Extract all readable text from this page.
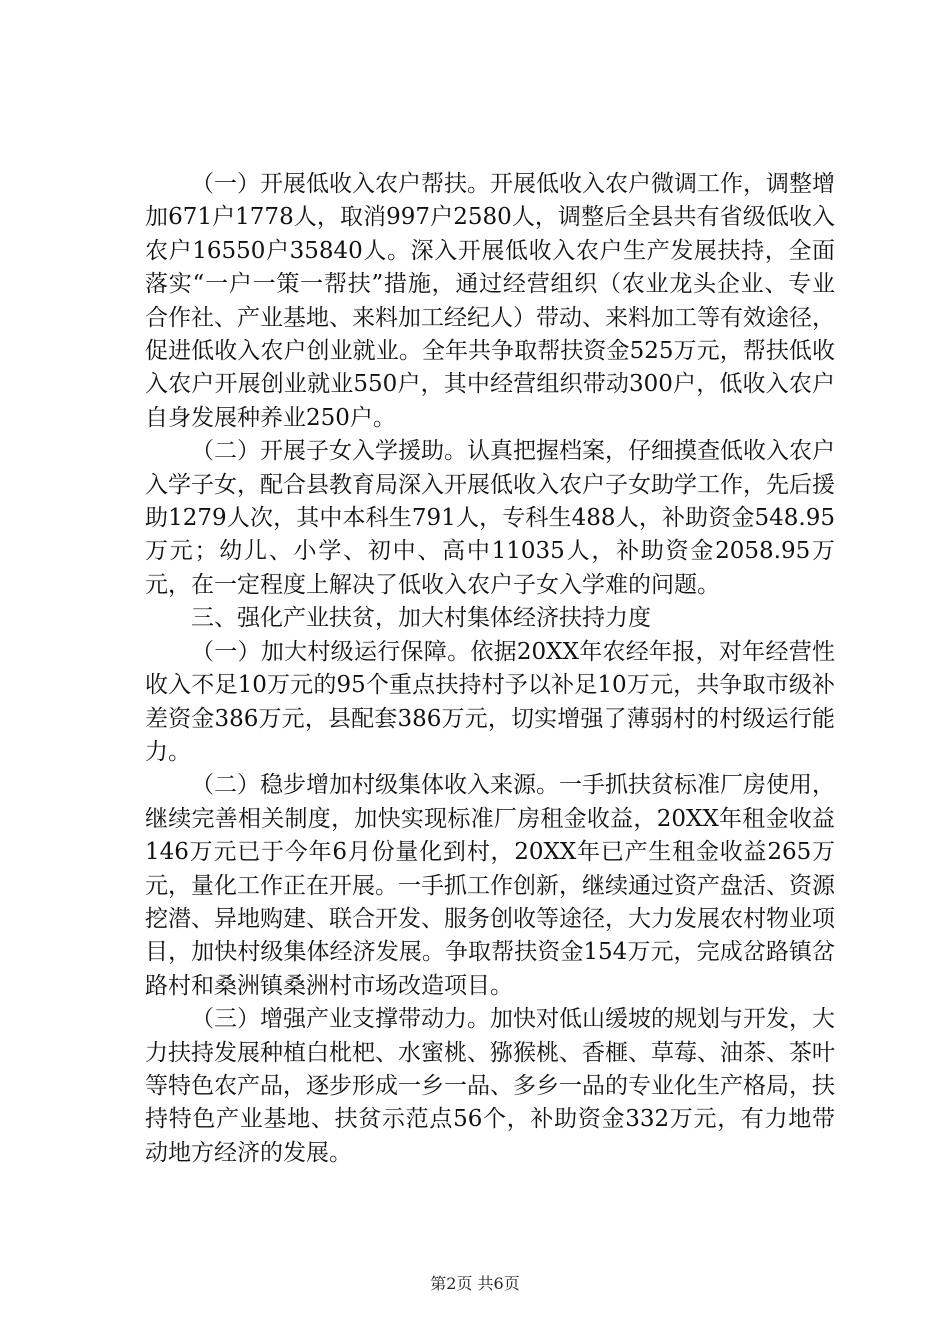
（一）开展低收入农户帮扶。开展低收入农户微调工作，调整增加671户1778人，取消997户2580人，调整后全县共有省级低收入农户16550户35840人。深入开展低收入农户生产发展扶持，全面落实“一户一策一帮扶”措施，通过经营组织（农业龙头企业、专业合作社、产业基地、来料加工经纪人）带动、来料加工等有效途径，促进低收入农户创业就业。全年共争取帮扶资金525万元，帮扶低收入农户开展创业就业550户，其中经营组织带动300户，低收入农户自身发展种养业250户。

（二）开展子女入学援助。认真把握档案，仔细摸查低收入农户入学子女，配合县教育局深入开展低收入农户子女助学工作，先后援助1279人次，其中本科生791人，专科生488人，补助资金548.95万元；幼儿、小学、初中、高中11035人，补助资金2058.95万元，在一定程度上解决了低收入农户子女入学难的问题。

三、强化产业扶贫，加大村集体经济扶持力度

（一）加大村级运行保障。依据20XX年农经年报，对年经营性收入不足10万元的95个重点扶持村予以补足10万元，共争取市级补差资金386万元，县配套386万元，切实增强了薄弱村的村级运行能力。

（二）稳步增加村级集体收入来源。一手抓扶贫标准厂房使用，继续完善相关制度，加快实现标准厂房租金收益，20XX年租金收益146万元已于今年6月份量化到村，20XX年已产生租金收益265万元，量化工作正在开展。一手抓工作创新，继续通过资产盘活、资源挖潜、异地购建、联合开发、服务创收等途径，大力发展农村物业项目，加快村级集体经济发展。争取帮扶资金154万元，完成岔路镇岔路村和桑洲镇桑洲村市场改造项目。

（三）增强产业支撑带动力。加快对低山缓坡的规划与开发，大力扶持发展种植白枇杷、水蜜桃、猕猴桃、香榧、草莓、油茶、茶叶等特色农产品，逐步形成一乡一品、多乡一品的专业化生产格局，扶持特色产业基地、扶贫示范点56个，补助资金332万元，有力地带动地方经济的发展。

第2页 共6页
